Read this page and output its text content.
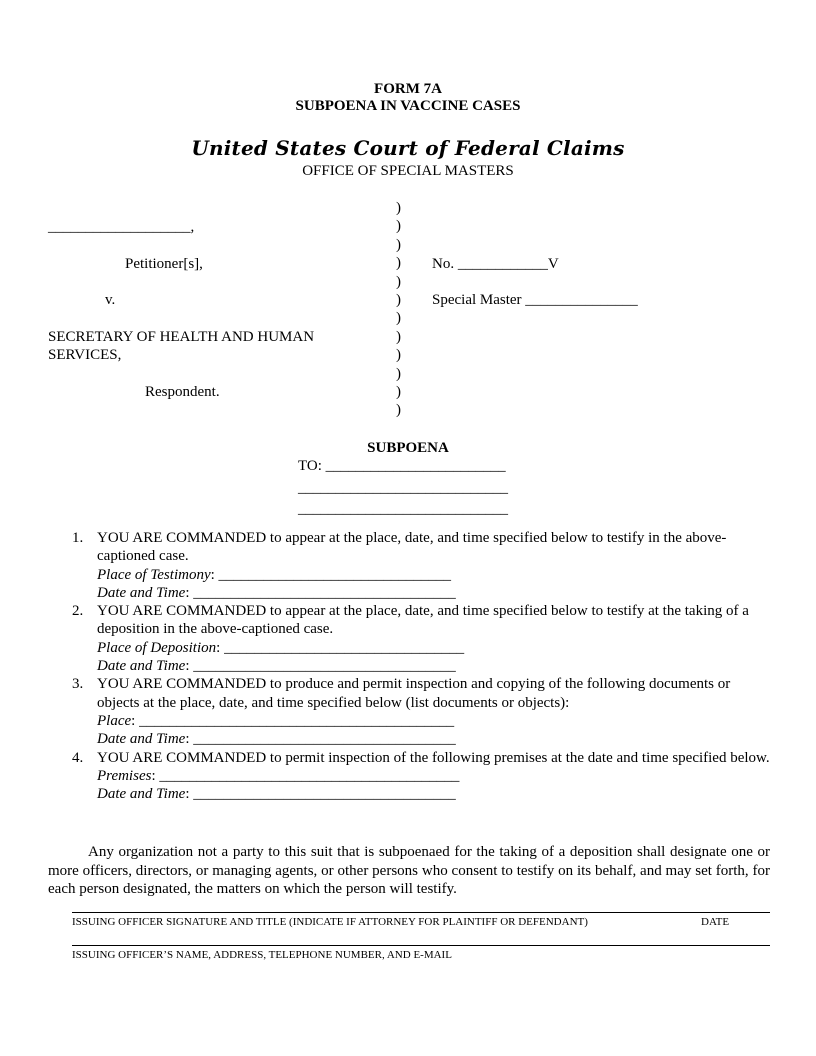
FORM 7A
SUBPOENA IN VACCINE CASES
United States Court of Federal Claims
OFFICE OF SPECIAL MASTERS
___________________,
Petitioner[s],
v.
SECRETARY OF HEALTH AND HUMAN SERVICES,
Respondent.
)
)
)
)
)
)
)
)
)
)
)
)
No. ____________V
Special Master _______________
SUBPOENA
TO: ________________________
____________________________
____________________________
1. YOU ARE COMMANDED to appear at the place, date, and time specified below to testify in the above-captioned case.
Place of Testimony: _______________________________
Date and Time: ___________________________________
2. YOU ARE COMMANDED to appear at the place, date, and time specified below to testify at the taking of a deposition in the above-captioned case.
Place of Deposition: ________________________________
Date and Time: ___________________________________
3. YOU ARE COMMANDED to produce and permit inspection and copying of the following documents or objects at the place, date, and time specified below (list documents or objects):
Place: __________________________________________
Date and Time: ___________________________________
4. YOU ARE COMMANDED to permit inspection of the following premises at the date and time specified below.
Premises: ________________________________________
Date and Time: ___________________________________

Any organization not a party to this suit that is subpoenaed for the taking of a deposition shall designate one or more officers, directors, or managing agents, or other persons who consent to testify on its behalf, and may set forth, for each person designated, the matters on which the person will testify.

ISSUING OFFICER SIGNATURE AND TITLE (INDICATE IF ATTORNEY FOR PLAINTIFF OR DEFENDANT)	DATE
ISSUING OFFICER’S NAME, ADDRESS, TELEPHONE NUMBER, AND E-MAIL
